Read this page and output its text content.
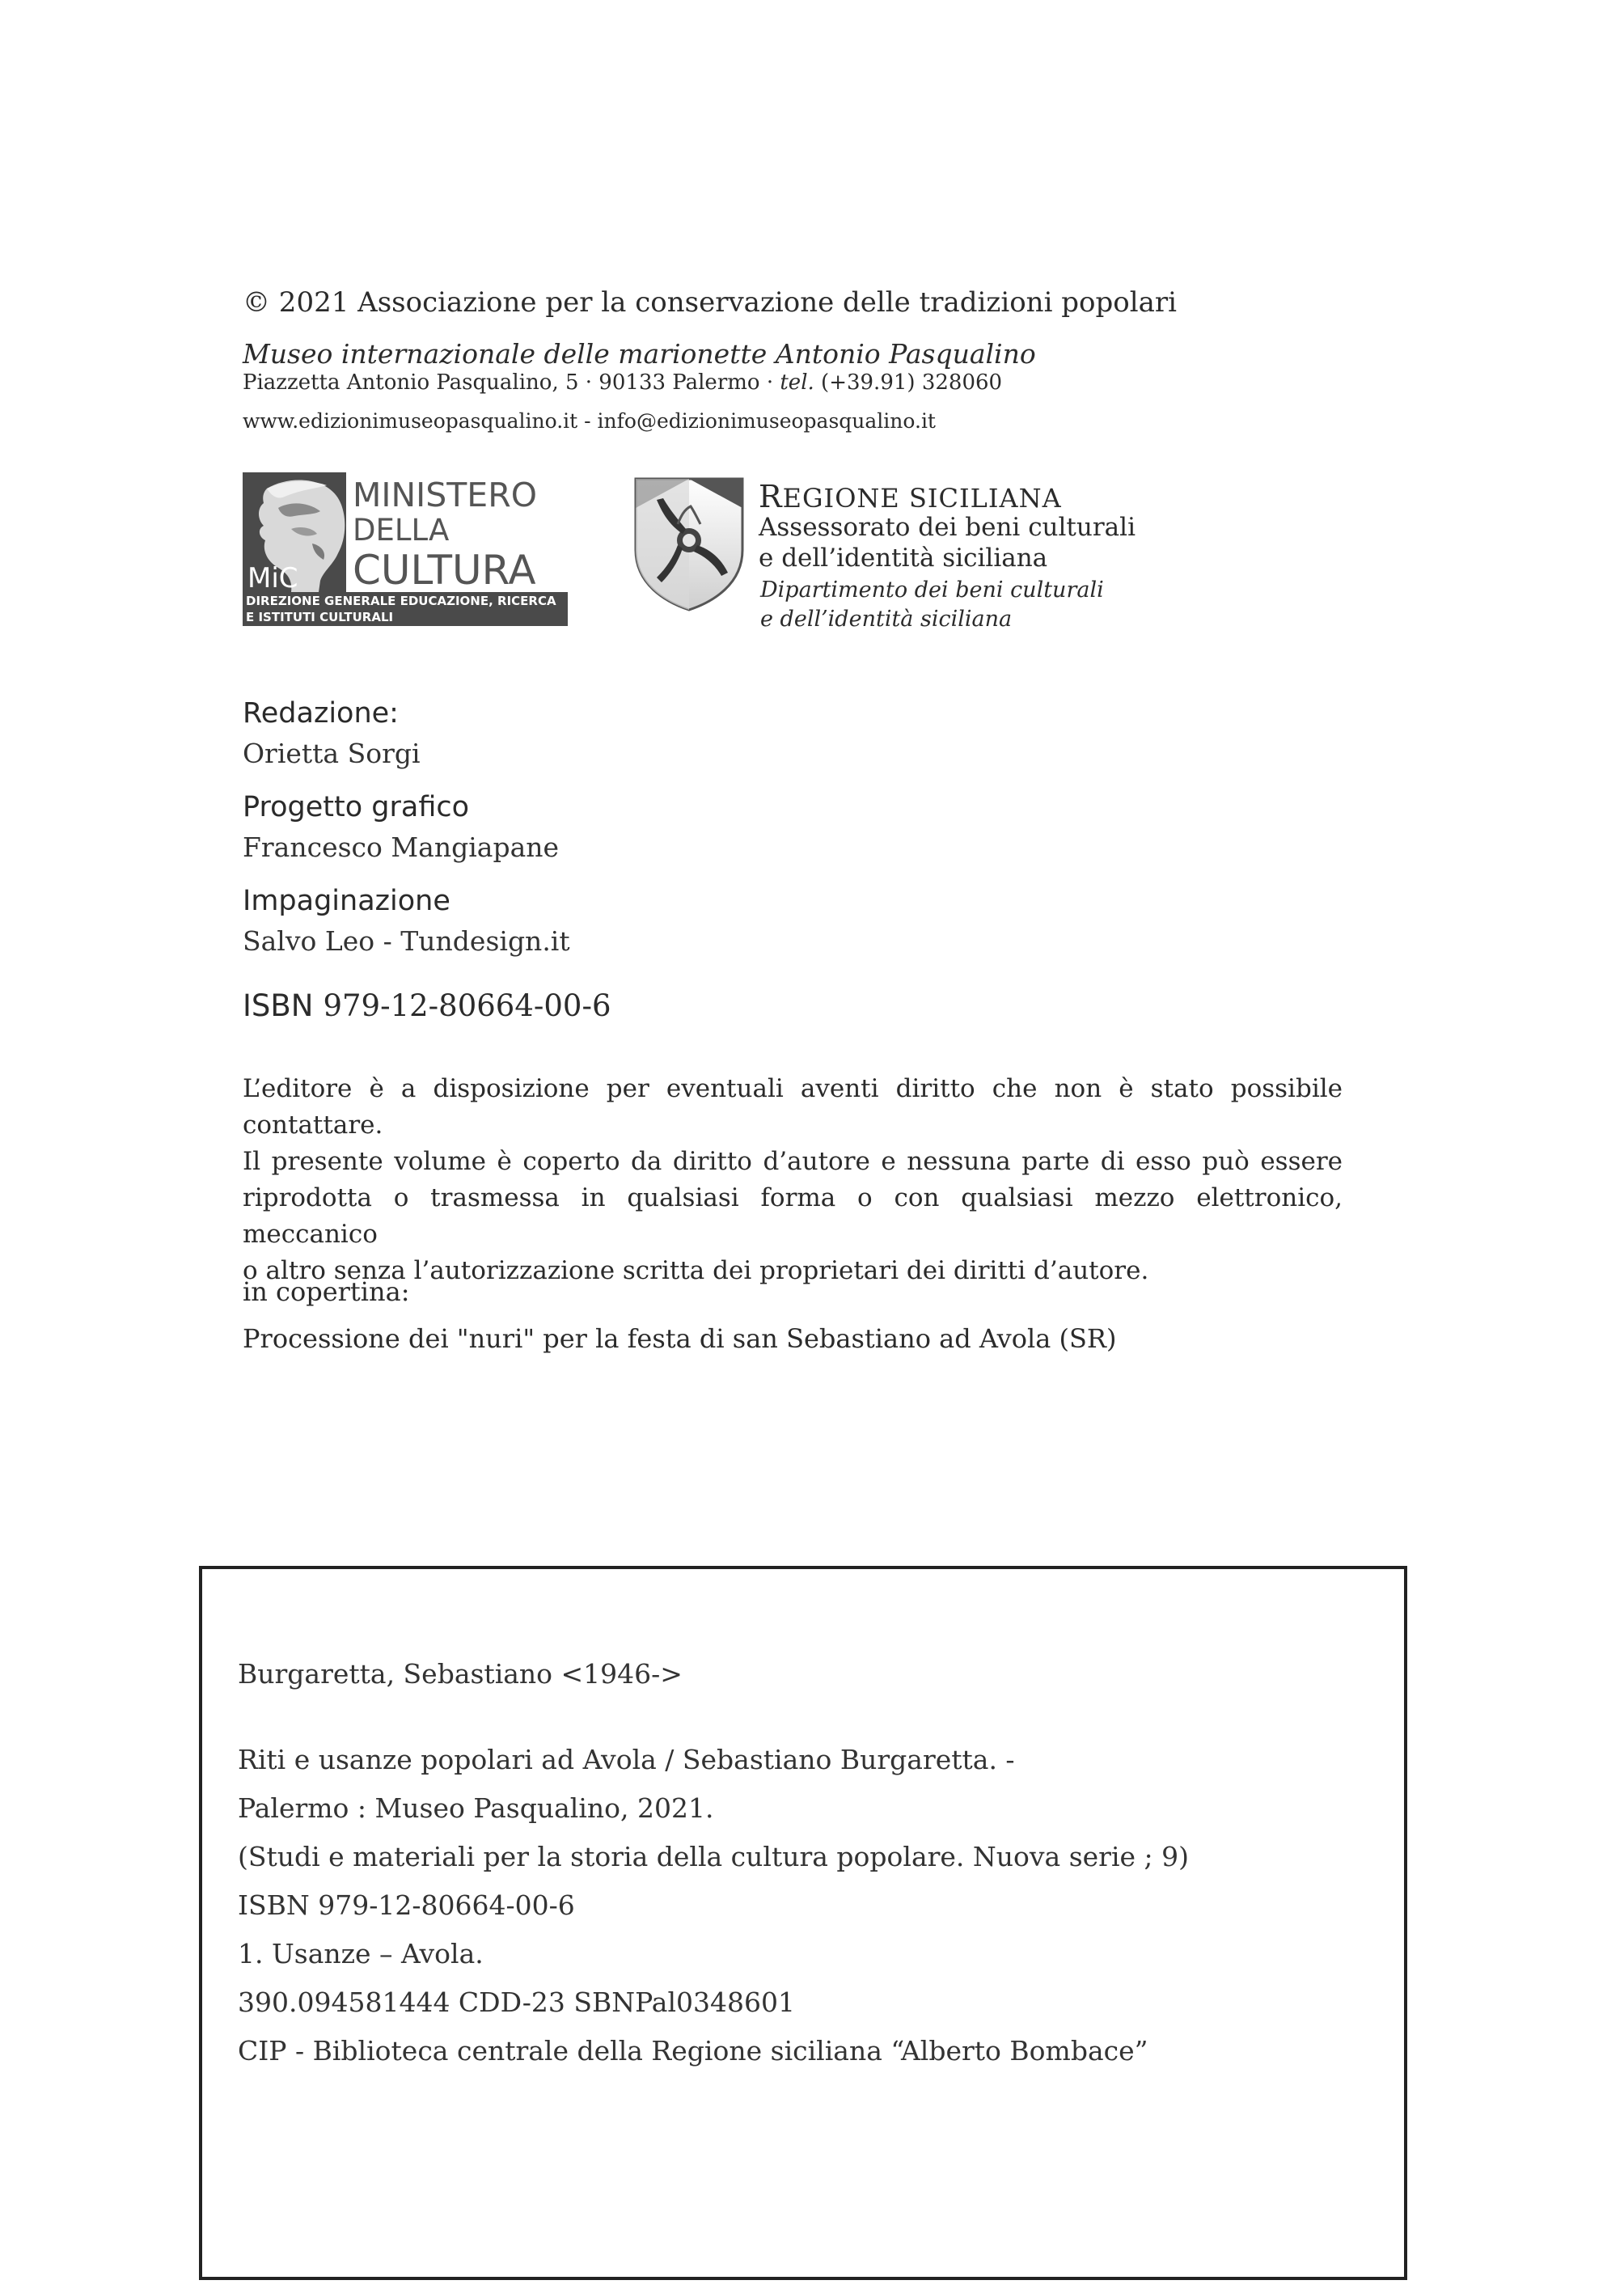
© 2021 Associazione per la conservazione delle tradizioni popolari
Museo internazionale delle marionette Antonio Pasqualino
Piazzetta Antonio Pasqualino, 5 · 90133 Palermo · tel. (+39.91) 328060
www.edizionimuseopasqualino.it - info@edizionimuseopasqualino.it
MiC
MINISTERO
DELLA
CULTURA
DIREZIONE GENERALE EDUCAZIONE, RICERCA
E ISTITUTI CULTURALI
REGIONE SICILIANA
Assessorato dei beni culturali
e dell’identità siciliana
Dipartimento dei beni culturali
e dell’identità siciliana
Redazione:
Orietta Sorgi
Progetto grafico
Francesco Mangiapane
Impaginazione
Salvo Leo - Tundesign.it
ISBN 979-12-80664-00-6
L’editore è a disposizione per eventuali aventi diritto che non è stato possibile contattare.
Il presente volume è coperto da diritto d’autore e nessuna parte di esso può essere
riprodotta o trasmessa in qualsiasi forma o con qualsiasi mezzo elettronico, meccanico
o altro senza l’autorizzazione scritta dei proprietari dei diritti d’autore.
in copertina:
Processione dei "nuri" per la festa di san Sebastiano ad Avola (SR)
Burgaretta, Sebastiano <1946->
Riti e usanze popolari ad Avola / Sebastiano Burgaretta. -
Palermo : Museo Pasqualino, 2021.
(Studi e materiali per la storia della cultura popolare. Nuova serie ; 9)
ISBN 979-12-80664-00-6
1. Usanze – Avola.
390.094581444 CDD-23 SBNPal0348601
CIP - Biblioteca centrale della Regione siciliana “Alberto Bombace”
